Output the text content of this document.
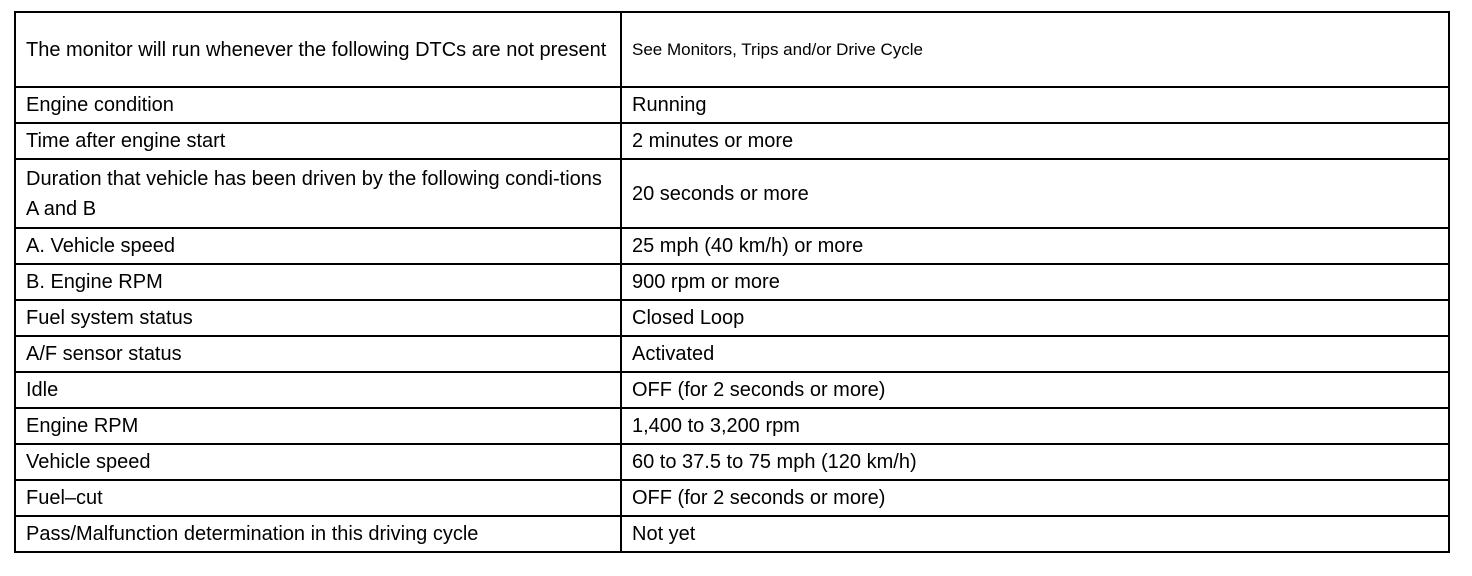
The monitor will run whenever the following DTCs are not present	See Monitors, Trips and/or Drive Cycle
Engine condition	Running
Time after engine start	2 minutes or more
Duration that vehicle has been driven by the following condi-tions A and B	20 seconds or more
A. Vehicle speed	25 mph (40 km/h) or more
B. Engine RPM	900 rpm or more
Fuel system status	Closed Loop
A/F sensor status	Activated
Idle	OFF (for 2 seconds or more)
Engine RPM	1,400 to 3,200 rpm
Vehicle speed	60 to 37.5 to 75 mph (120 km/h)
Fuel–cut	OFF (for 2 seconds or more)
Pass/Malfunction determination in this driving cycle	Not yet
